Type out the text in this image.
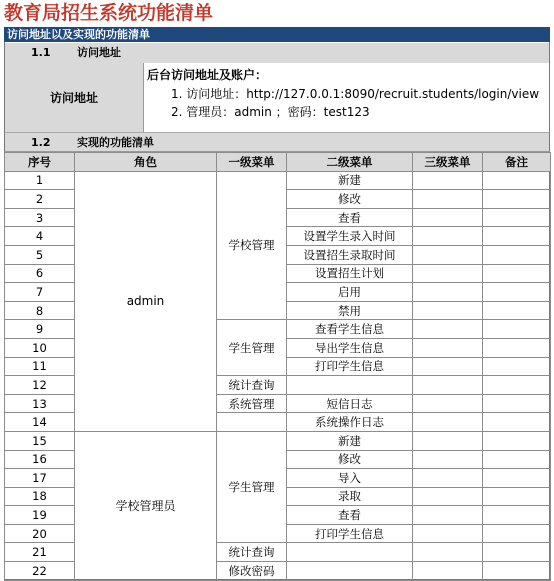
教育局招生系统功能清单
访问地址以及实现的功能清单
1.1 访问地址
访问地址
后台访问地址及账户：
1. 访问地址：http://127.0.0.1:8090/recruit.students/login/view
2. 管理员：admin ；密码：test123
1.2 实现的功能清单
序号	角色	一级菜单	二级菜单	三级菜单	备注
1	admin	学校管理	新建		
2			修改		
3			查看		
4			设置学生录入时间		
5			设置招生录取时间		
6			设置招生计划		
7			启用		
8			禁用		
9		学生管理	查看学生信息		
10			导出学生信息		
11			打印学生信息		
12		统计查询			
13		系统管理	短信日志		
14			系统操作日志		
15	学校管理员	学生管理	新建		
16			修改		
17			导入		
18			录取		
19			查看		
20			打印学生信息		
21		统计查询			
22		修改密码			
